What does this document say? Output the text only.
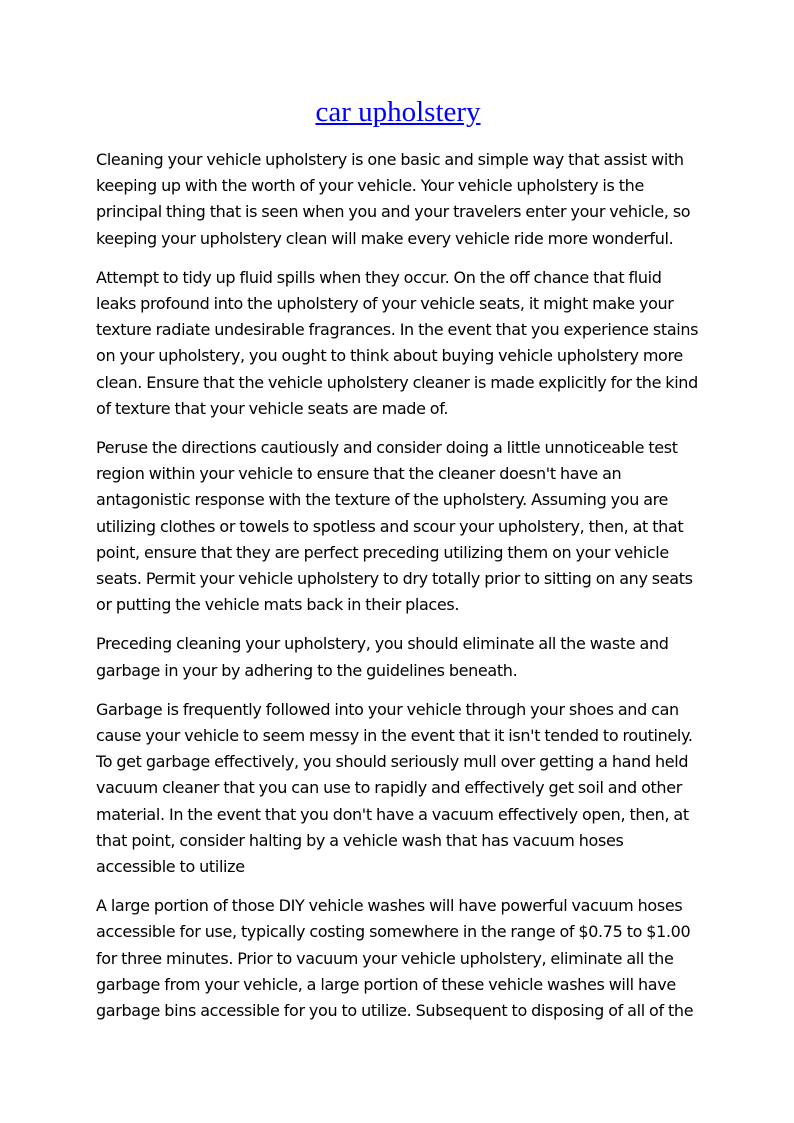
car upholstery

Cleaning your vehicle upholstery is one basic and simple way that assist with keeping up with the worth of your vehicle. Your vehicle upholstery is the principal thing that is seen when you and your travelers enter your vehicle, so keeping your upholstery clean will make every vehicle ride more wonderful.

Attempt to tidy up fluid spills when they occur. On the off chance that fluid leaks profound into the upholstery of your vehicle seats, it might make your texture radiate undesirable fragrances. In the event that you experience stains on your upholstery, you ought to think about buying vehicle upholstery more clean. Ensure that the vehicle upholstery cleaner is made explicitly for the kind of texture that your vehicle seats are made of.

Peruse the directions cautiously and consider doing a little unnoticeable test region within your vehicle to ensure that the cleaner doesn't have an antagonistic response with the texture of the upholstery. Assuming you are utilizing clothes or towels to spotless and scour your upholstery, then, at that point, ensure that they are perfect preceding utilizing them on your vehicle seats. Permit your vehicle upholstery to dry totally prior to sitting on any seats or putting the vehicle mats back in their places.

Preceding cleaning your upholstery, you should eliminate all the waste and garbage in your by adhering to the guidelines beneath.

Garbage is frequently followed into your vehicle through your shoes and can cause your vehicle to seem messy in the event that it isn't tended to routinely. To get garbage effectively, you should seriously mull over getting a hand held vacuum cleaner that you can use to rapidly and effectively get soil and other material. In the event that you don't have a vacuum effectively open, then, at that point, consider halting by a vehicle wash that has vacuum hoses accessible to utilize

A large portion of those DIY vehicle washes will have powerful vacuum hoses accessible for use, typically costing somewhere in the range of $0.75 to $1.00 for three minutes. Prior to vacuum your vehicle upholstery, eliminate all the garbage from your vehicle, a large portion of these vehicle washes will have garbage bins accessible for you to utilize. Subsequent to disposing of all of the
